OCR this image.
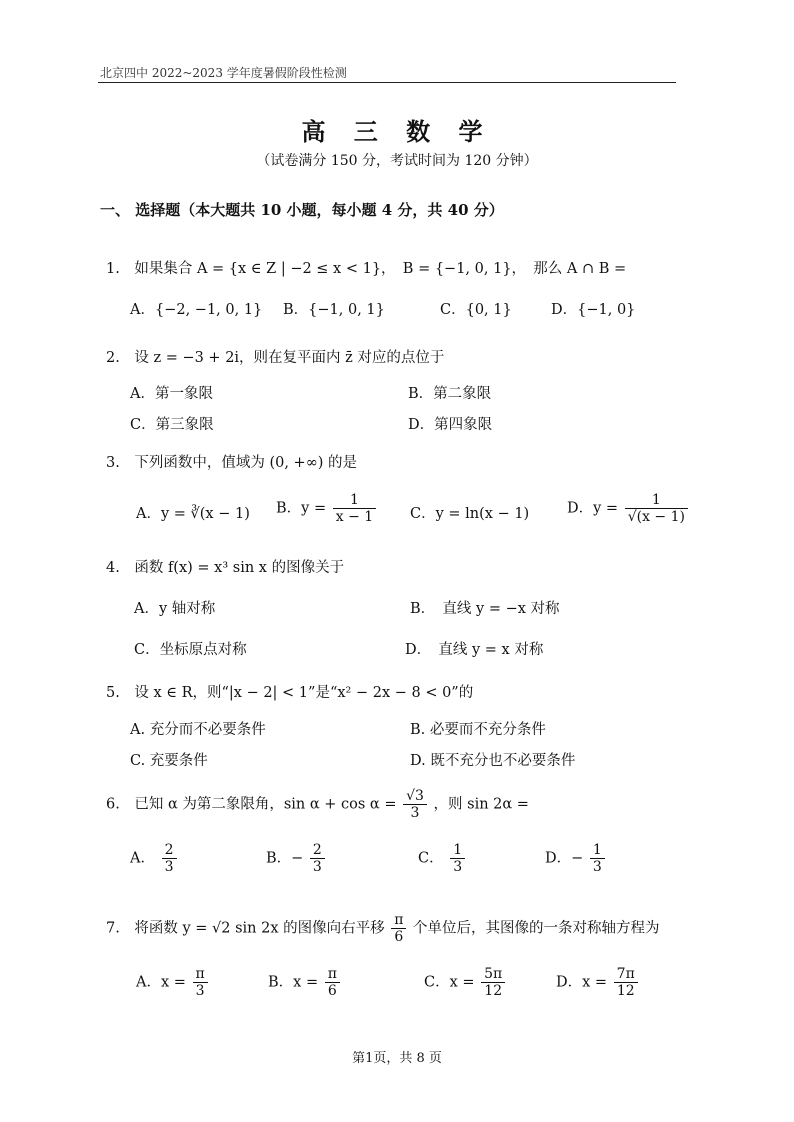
北京四中 2022~2023 学年度暑假阶段性检测
高 三 数 学
（试卷满分 150 分，考试时间为 120 分钟）
一、 选择题（本大题共 10 小题，每小题 4 分，共 40 分）
1.　如果集合 A = {x ∈ Z | −2 ≤ x < 1}，　B = {−1, 0, 1}，　那么 A ∩ B =
A．{−2, −1, 0, 1} B．{−1, 0, 1}	C．{0, 1}	D．{−1, 0}
2.　设 z = −3 + 2i，则在复平面内 z̄ 对应的点位于
A．第一象限	B．第二象限
C．第三象限	D．第四象限
3.　下列函数中，值域为 (0, +∞) 的是
A．y = ∛(x − 1) B．$y = \frac{1}{x - 1}$ C．y = ln(x − 1)	D．$y = \frac{1}{√(x - 1)}$
4.　函数 f(x) = x³ sin x 的图像关于
A．y 轴对称	B．　直线 y = −x 对称
C．坐标原点对称	D．　直线 y = x 对称
5.　设 x ∈ R，则“|x − 2| < 1”是“x² − 2x − 8 < 0”的
A. 充分而不必要条件	B. 必要而不充分条件
C. 充要条件	D. 既不充分也不必要条件
6.　已知 α 为第二象限角，$\sin \alpha + \cos \alpha = \frac{√3}{3}$ ，则 sin 2α =
A． $\frac{2}{3}$	B．− $\frac{2}{3}$	C． $\frac{1}{3}$	D．− $\frac{1}{3}$
7.　将函数 y = √2 sin 2x 的图像向右平移 $\frac{\pi}{6}$ 个单位后，其图像的一条对称轴方程为
A．$x = \frac{\pi}{3}$	B．$x = \frac{\pi}{6}$	C．$x = \frac{5\pi}{12}$	D．$x = \frac{7\pi}{12}$
第1页，共 8 页
